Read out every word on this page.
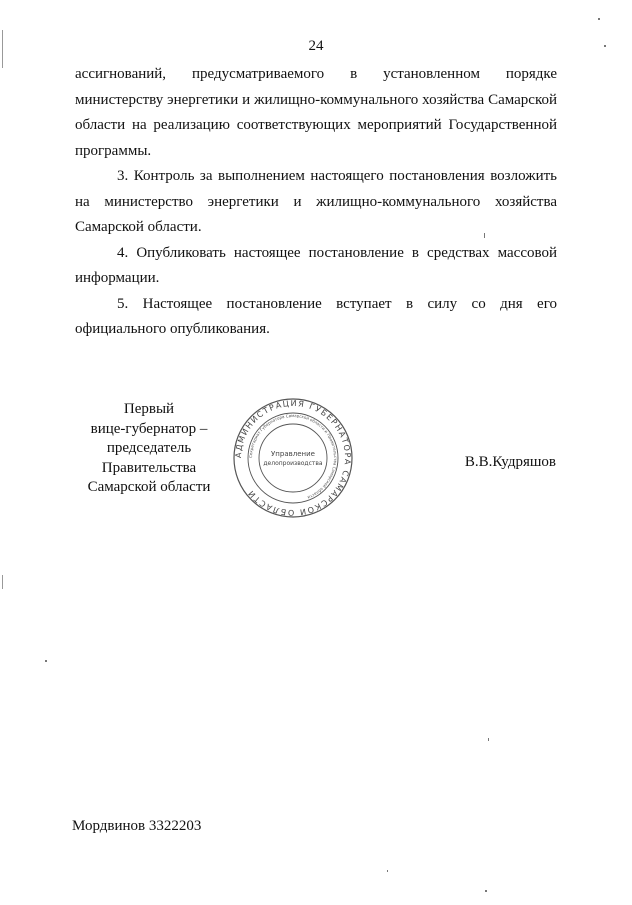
24

ассигнований, предусматриваемого в установленном порядке министерству энергетики и жилищно-коммунального хозяйства Самарской области на реализацию соответствующих мероприятий Государственной программы.

3. Контроль за выполнением настоящего постановления возложить на министерство энергетики и жилищно-коммунального хозяйства Самарской области.

4. Опубликовать настоящее постановление в средствах массовой информации.

5. Настоящее постановление вступает в силу со дня его официального опубликования.

Первый
вице-губернатор –
председатель Правительства
Самарской области
В.В.Кудряшов
АДМИНИСТРАЦИЯ ГУБЕРНАТОРА САМАРСКОЙ ОБЛАСТИ
Секретариат Губернатора Самарской области и Правительства Самарской области
Управление
делопроизводства
Мордвинов 3322203
